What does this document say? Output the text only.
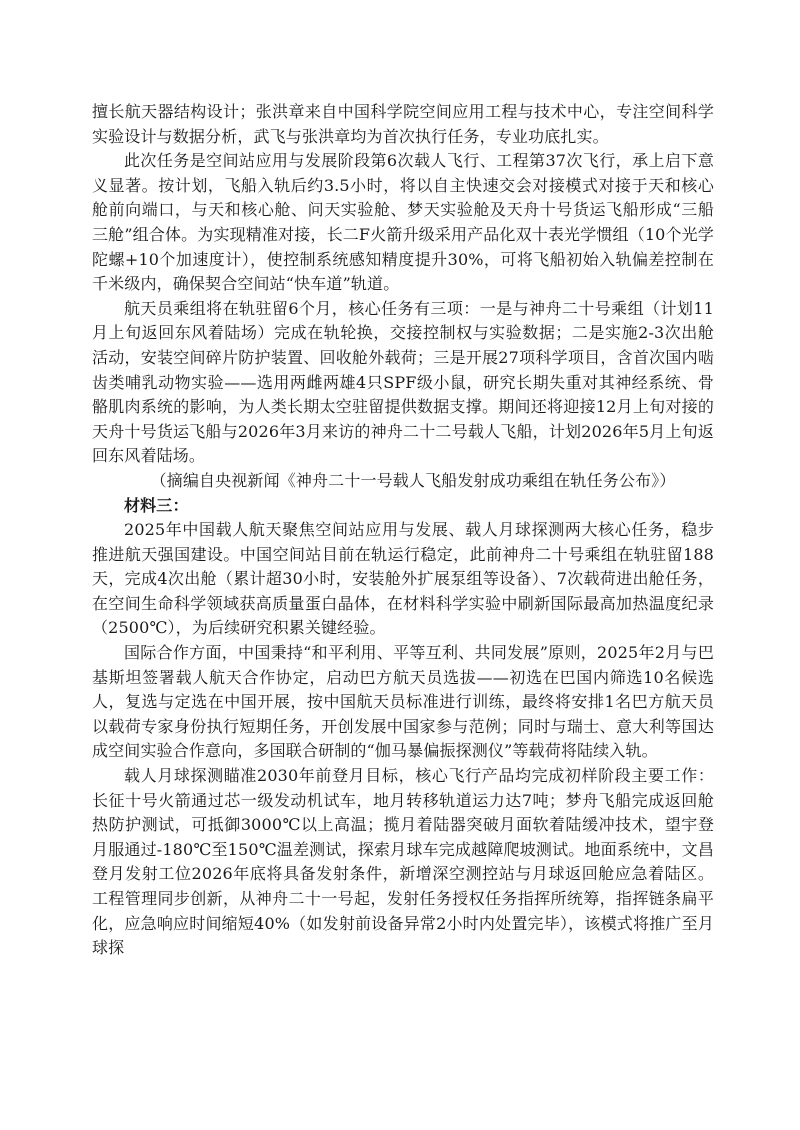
擅长航天器结构设计；张洪章来自中国科学院空间应用工程与技术中心，专注空间科学实验设计与数据分析，武飞与张洪章均为首次执行任务，专业功底扎实。

此次任务是空间站应用与发展阶段第6次载人飞行、工程第37次飞行，承上启下意义显著。按计划，飞船入轨后约3.5小时，将以自主快速交会对接模式对接于天和核心舱前向端口，与天和核心舱、问天实验舱、梦天实验舱及天舟十号货运飞船形成“三船三舱”组合体。为实现精准对接，长二F火箭升级采用产品化双十表光学惯组（10个光学陀螺+10个加速度计），使控制系统感知精度提升30%，可将飞船初始入轨偏差控制在千米级内，确保契合空间站“快车道”轨道。

航天员乘组将在轨驻留6个月，核心任务有三项：一是与神舟二十号乘组（计划11月上旬返回东风着陆场）完成在轨轮换，交接控制权与实验数据；二是实施2-3次出舱活动，安装空间碎片防护装置、回收舱外载荷；三是开展27项科学项目，含首次国内啮齿类哺乳动物实验——选用两雌两雄4只SPF级小鼠，研究长期失重对其神经系统、骨骼肌肉系统的影响，为人类长期太空驻留提供数据支撑。期间还将迎接12月上旬对接的天舟十号货运飞船与2026年3月来访的神舟二十二号载人飞船，计划2026年5月上旬返回东风着陆场。

（摘编自央视新闻《神舟二十一号载人飞船发射成功乘组在轨任务公布》）

材料三：

2025年中国载人航天聚焦空间站应用与发展、载人月球探测两大核心任务，稳步推进航天强国建设。中国空间站目前在轨运行稳定，此前神舟二十号乘组在轨驻留188天，完成4次出舱（累计超30小时，安装舱外扩展泵组等设备）、7次载荷进出舱任务，在空间生命科学领域获高质量蛋白晶体，在材料科学实验中刷新国际最高加热温度纪录（2500℃），为后续研究积累关键经验。

国际合作方面，中国秉持“和平利用、平等互利、共同发展”原则，2025年2月与巴基斯坦签署载人航天合作协定，启动巴方航天员选拔——初选在巴国内筛选10名候选人，复选与定选在中国开展，按中国航天员标准进行训练，最终将安排1名巴方航天员以载荷专家身份执行短期任务，开创发展中国家参与范例；同时与瑞士、意大利等国达成空间实验合作意向，多国联合研制的“伽马暴偏振探测仪”等载荷将陆续入轨。

载人月球探测瞄准2030年前登月目标，核心飞行产品均完成初样阶段主要工作：长征十号火箭通过芯一级发动机试车，地月转移轨道运力达7吨；梦舟飞船完成返回舱热防护测试，可抵御3000℃以上高温；揽月着陆器突破月面软着陆缓冲技术，望宇登月服通过-180℃至150℃温差测试，探索月球车完成越障爬坡测试。地面系统中，文昌登月发射工位2026年底将具备发射条件，新增深空测控站与月球返回舱应急着陆区。工程管理同步创新，从神舟二十一号起，发射任务授权任务指挥所统筹，指挥链条扁平化，应急响应时间缩短40%（如发射前设备异常2小时内处置完毕），该模式将推广至月球探
